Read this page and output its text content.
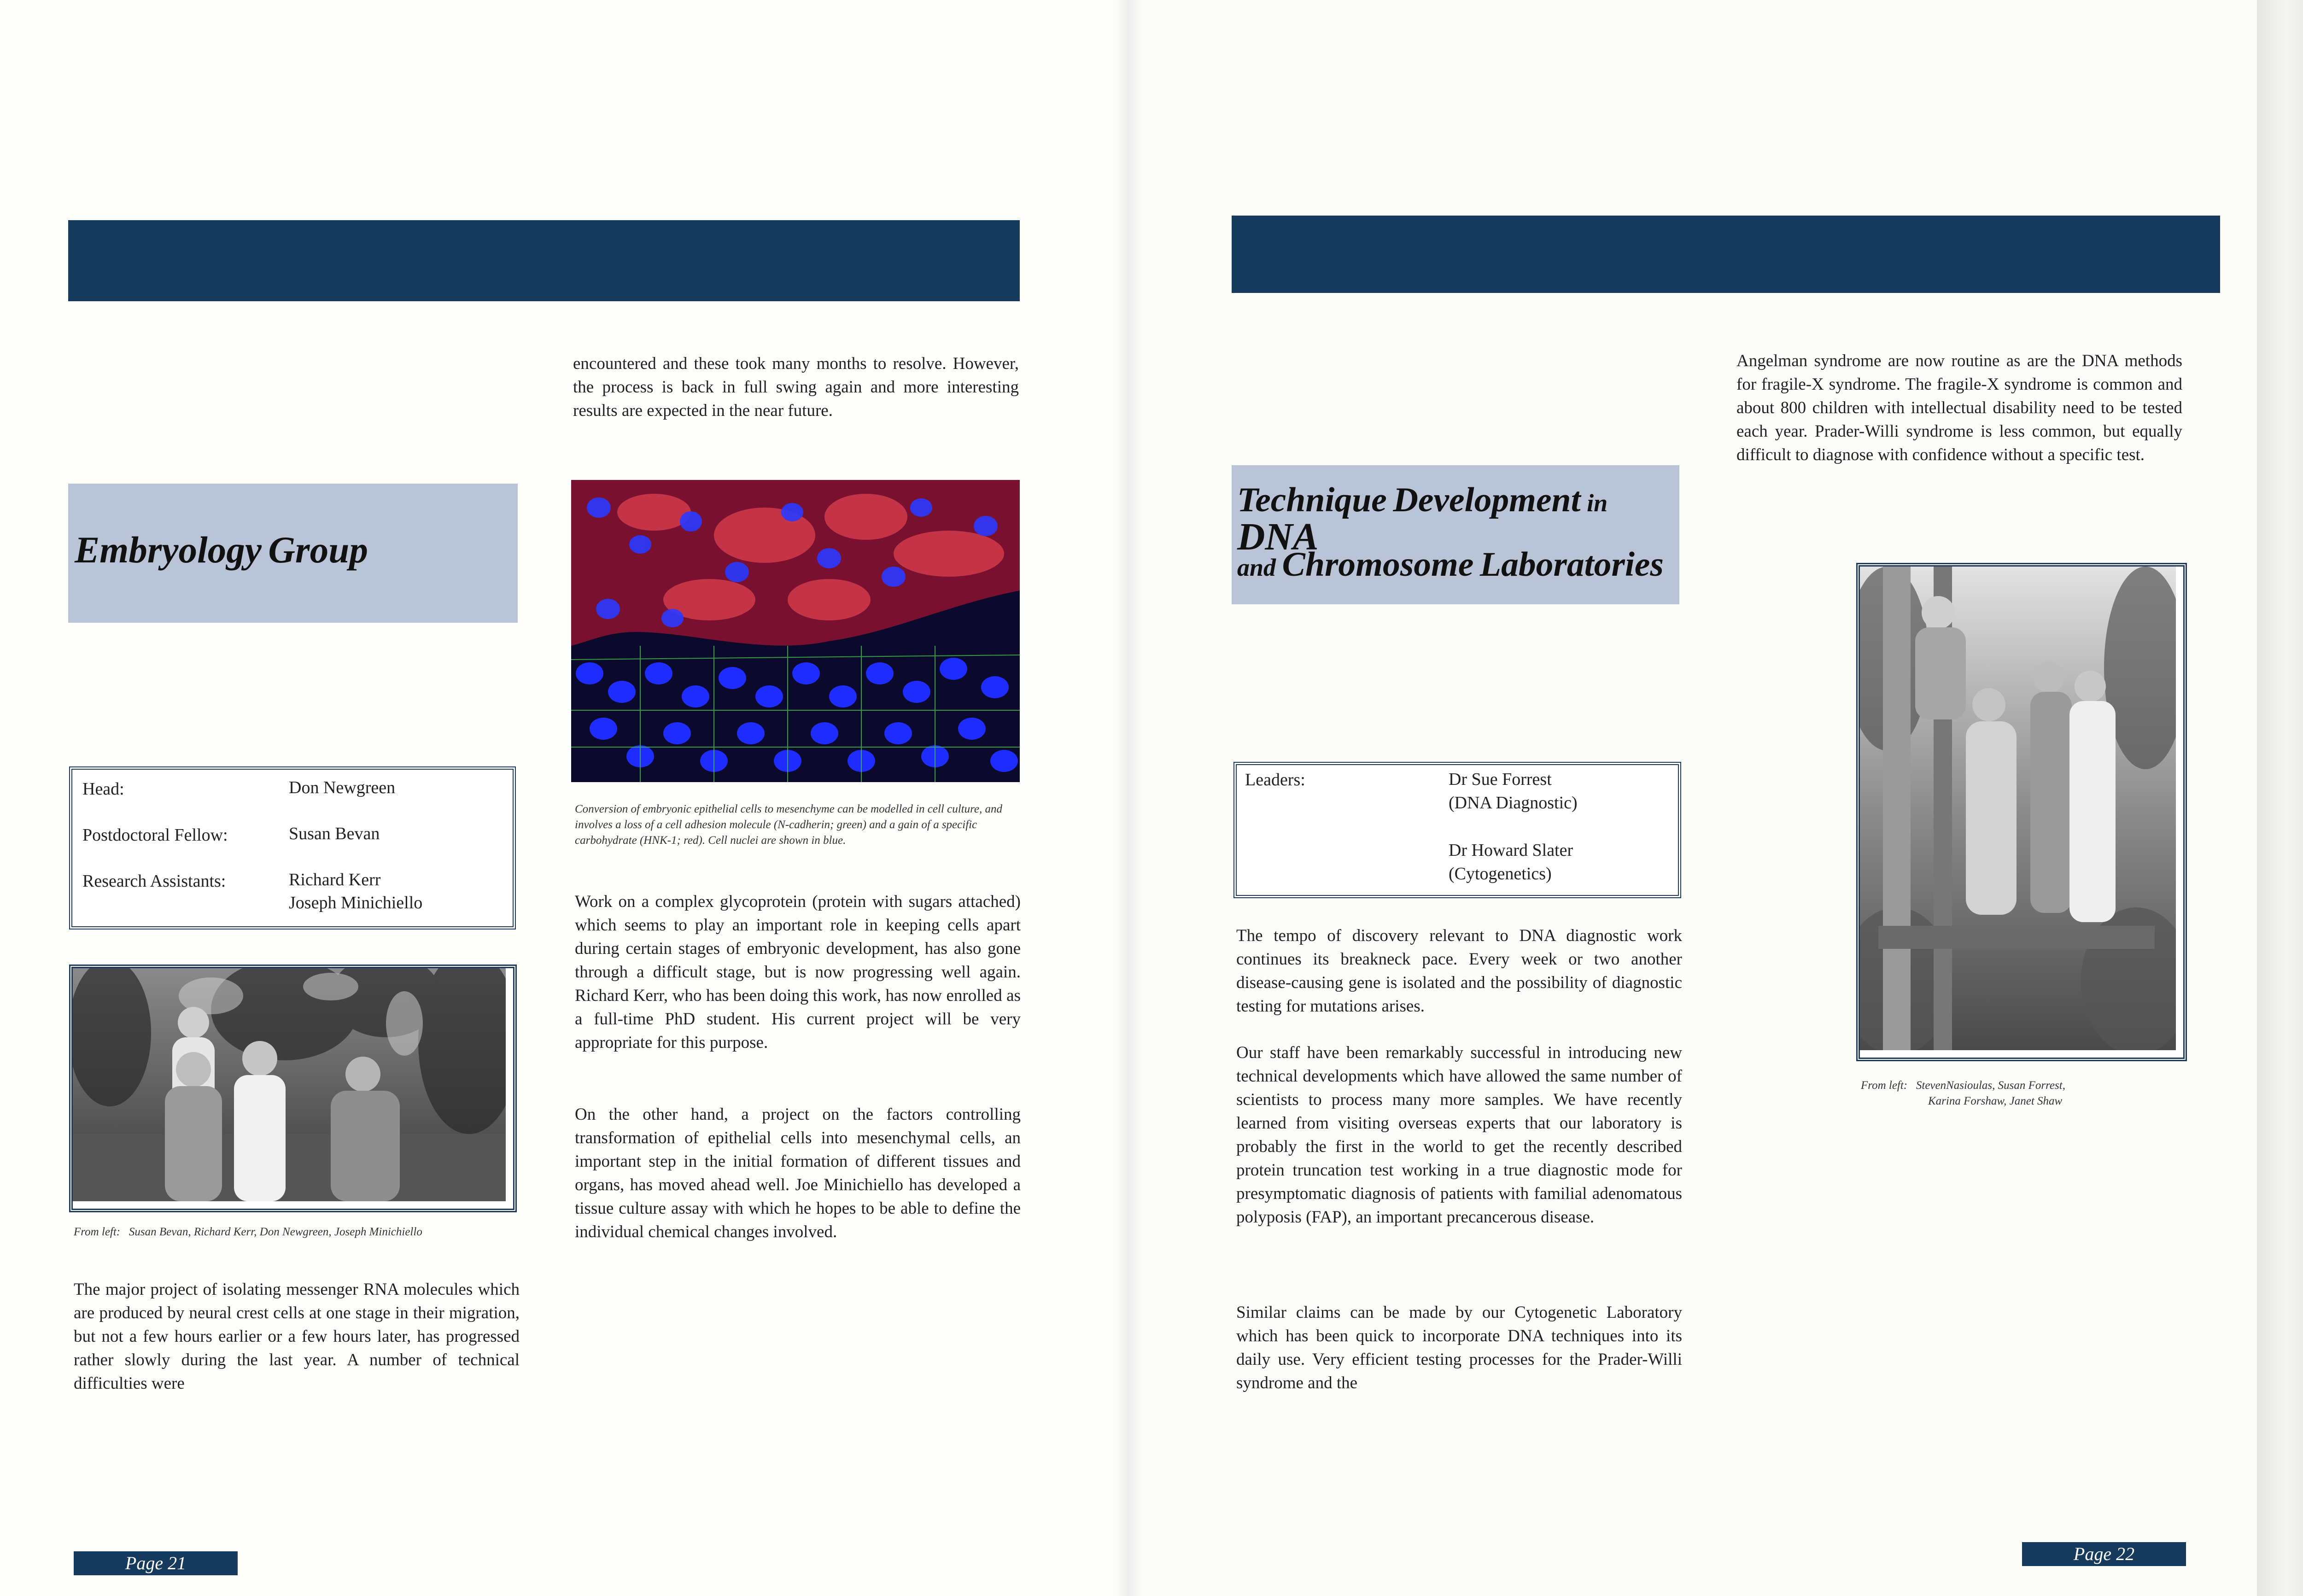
Embryology Group
Head:	Don Newgreen
Postdoctoral Fellow:	Susan Bevan
Research Assistants:	Richard Kerr
Joseph Minichiello
From left: Susan Bevan, Richard Kerr, Don Newgreen, Joseph Minichiello
The major project of isolating messenger RNA molecules which are produced by neural crest cells at one stage in their migration, but not a few hours earlier or a few hours later, has progressed rather slowly during the last year. A number of technical difficulties were
encountered and these took many months to resolve. However, the process is back in full swing again and more interesting results are expected in the near future.
Conversion of embryonic epithelial cells to mesenchyme can be modelled in cell culture, and involves a loss of a cell adhesion molecule (N-cadherin; green) and a gain of a specific carbohydrate (HNK-1; red). Cell nuclei are shown in blue.
Work on a complex glycoprotein (protein with sugars attached) which seems to play an important role in keeping cells apart during certain stages of embryonic development, has also gone through a difficult stage, but is now progressing well again. Richard Kerr, who has been doing this work, has now enrolled as a full-time PhD student. His current project will be very appropriate for this purpose.
On the other hand, a project on the factors controlling transformation of epithelial cells into mesenchymal cells, an important step in the initial formation of different tissues and organs, has moved ahead well. Joe Minichiello has developed a tissue culture assay with which he hopes to be able to define the individual chemical changes involved.
Page 21
Technique Development in DNA
and Chromosome Laboratories
Leaders:	Dr Sue Forrest
(DNA Diagnostic)
Dr Howard Slater
(Cytogenetics)
The tempo of discovery relevant to DNA diagnostic work continues its breakneck pace. Every week or two another disease-causing gene is isolated and the possibility of diagnostic testing for mutations arises.
Our staff have been remarkably successful in introducing new technical developments which have allowed the same number of scientists to process many more samples. We have recently learned from visiting overseas experts that our laboratory is probably the first in the world to get the recently described protein truncation test working in a true diagnostic mode for presymptomatic diagnosis of patients with familial adenomatous polyposis (FAP), an important precancerous disease.
Similar claims can be made by our Cytogenetic Laboratory which has been quick to incorporate DNA techniques into its daily use. Very efficient testing processes for the Prader-Willi syndrome and the
Angelman syndrome are now routine as are the DNA methods for fragile-X syndrome. The fragile-X syndrome is common and about 800 children with intellectual disability need to be tested each year. Prader-Willi syndrome is less common, but equally difficult to diagnose with confidence without a specific test.
From left: StevenNasioulas, Susan Forrest,
Karina Forshaw, Janet Shaw
Page 22
